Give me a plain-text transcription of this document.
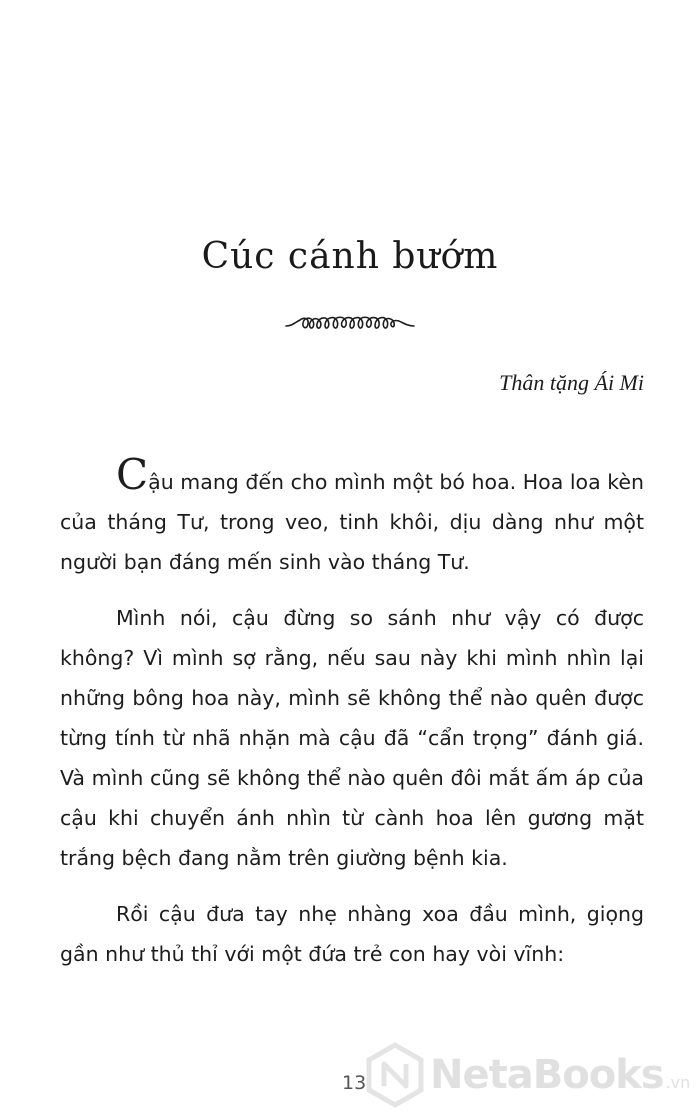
Cúc cánh bướm
Thân tặng Ái Mi

Cậu mang đến cho mình một bó hoa. Hoa loa kèn của tháng Tư, trong veo, tinh khôi, dịu dàng như một người bạn đáng mến sinh vào tháng Tư.

Mình nói, cậu đừng so sánh như vậy có được không? Vì mình sợ rằng, nếu sau này khi mình nhìn lại những bông hoa này, mình sẽ không thể nào quên được từng tính từ nhã nhặn mà cậu đã “cẩn trọng” đánh giá. Và mình cũng sẽ không thể nào quên đôi mắt ấm áp của cậu khi chuyển ánh nhìn từ cành hoa lên gương mặt trắng bệch đang nằm trên giường bệnh kia.

Rồi cậu đưa tay nhẹ nhàng xoa đầu mình, giọng gần như thủ thỉ với một đứa trẻ con hay vòi vĩnh:

13 NetaBooks .vn
